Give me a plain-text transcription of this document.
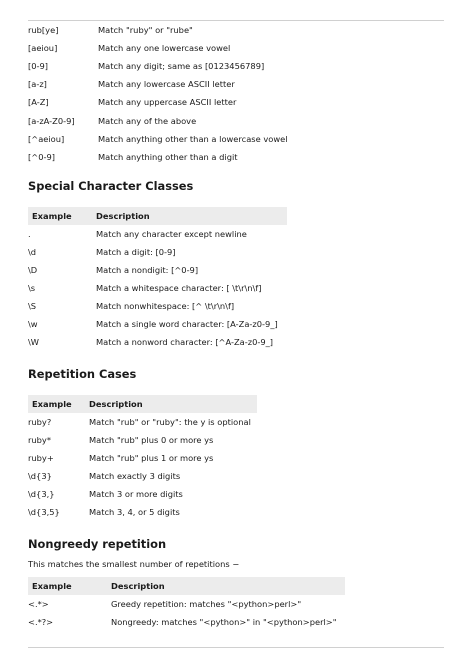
rub[ye]	Match "ruby" or "rube"
[aeiou]	Match any one lowercase vowel
[0-9]	Match any digit; same as [0123456789]
[a-z]	Match any lowercase ASCII letter
[A-Z]	Match any uppercase ASCII letter
[a-zA-Z0-9]	Match any of the above
[^aeiou]	Match anything other than a lowercase vowel
[^0-9]	Match anything other than a digit
Special Character Classes
Example	Description
.	Match any character except newline
\d	Match a digit: [0-9]
\D	Match a nondigit: [^0-9]
\s	Match a whitespace character: [ \t\r\n\f]
\S	Match nonwhitespace: [^ \t\r\n\f]
\w	Match a single word character: [A-Za-z0-9_]
\W	Match a nonword character: [^A-Za-z0-9_]
Repetition Cases
Example	Description
ruby?	Match "rub" or "ruby": the y is optional
ruby*	Match "rub" plus 0 or more ys
ruby+	Match "rub" plus 1 or more ys
\d{3}	Match exactly 3 digits
\d{3,}	Match 3 or more digits
\d{3,5}	Match 3, 4, or 5 digits
Nongreedy repetition
This matches the smallest number of repetitions −
Example	Description
<.*>	Greedy repetition: matches "<python>perl>"
<.*?>	Nongreedy: matches "<python>" in "<python>perl>"
